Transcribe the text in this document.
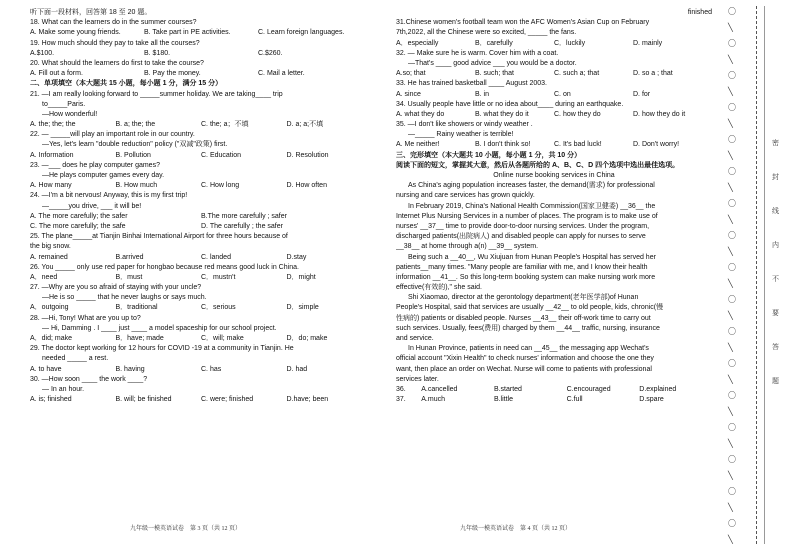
听下面一段材料，回答第 18 至 20 题。
18. What can the learners do in the summer courses?
A. Make some young friends.	B. Take part in PE activities.	C. Learn foreign languages.
19. How much should they pay to take all the courses?
A.$100.	B. $180.	C.$260.
20. What should the learners do first to take the course?
A. Fill out a form.	B. Pay the money.	C. Mail a letter.
二、单项填空（本大题共 15 小题，每小题 1 分，满分 15 分）
21. —I am really looking forward to _____summer holiday. We are taking____ trip
to_____Paris.
—How wonderful!
A. the; the; the	B. a; the; the	C. the; a；不填	D. a; a;不填
22. — _____will play an important role in our country.
—Yes, let's learn "double reduction" policy ("双减"政策) first.
A. Information	B. Pollution	C. Education	D. Resolution
23. —___ does he play computer games?
—He plays computer games every day.
A. How many	B. How much	C. How long	D. How often
24. —I'm a bit nervous! Anyway, this is my first trip!
—_____you drive, ___ it will be!
A. The more carefully; the safer	B.The more carefully ; safer
C. The more carefully; the safe	D. The carefully ; the safer
25. The plane_____at Tianjin Binhai International Airport for three hours because of
the big snow.
A. remained	B.arrived	C. landed	D.stay
26. You _____ only use red paper for hongbao because red means good luck in China.
A．need	B．must	C．mustn't	D．might
27. —Why are you so afraid of staying with your uncle?
—He is so _____ that he never laughs or says much.
A．outgoing	B．traditional	C．serious	D．simple
28. —Hi, Tony! What are you up to?
— Hi, Damming . I ____ just ____ a model spaceship for our school project.
A．did; make	B．have; made	C．will; make	D．do; make
29. The doctor kept working for 12 hours for COVID -19 at a community in Tianjin. He
needed _____ a rest.
A. to have	B. having	C. has	D. had
30. —How soon ____ the work ____?
— In an hour.
A. is; finished	B. will; be finished	C. were; finished	D.have; been
finished
31.Chinese women's football team won the AFC Women's Asian Cup on February
7th,2022, all the Chinese were so excited, _____ the fans.
A．especially	B．carefully	C．luckily	D. mainly
32. — Make sure he is warm. Cover him with a coat.
—That's ____ good advice ___ you would be a doctor.
A.so; that	B. such; that	C. such a; that	D. so a ; that
33. He has trained basketball ____ August 2003.
A. since	B. in	C. on	D. for
34. Usually people have little or no idea about____ during an earthquake.
A. what they do	B. what they do it	C. how they do	D. how they do it
35. —I don't like showers or windy weather .
—_____ Rainy weather is terrible!
A. Me neither!	B. I don't think so!	C. It's bad luck!	D. Don't worry!
三、完形填空（本大题共 10 小题，每小题 1 分，共 10 分）
阅读下面的短文，掌握其大意，然后从各题所给的 A、B、C、D 四个选项中选出最佳选项。
Online nurse booking services in China
As China's aging population increases faster, the demand(需求) for professional
nursing and care services has grown quickly.
In February 2019, China's National Health Commission(国家卫健委) __36__ the
Internet Plus Nursing Services in a number of places. The program is to make use of
nurses' __37__ time to provide door-to-door nursing services. Under the program,
discharged patients(出院病人) and disabled people can apply for nurses to serve
__38__ at home through a(n) __39__ system.
Being such a __40__, Wu Xiujuan from Hunan People's Hospital has served her
patients__many times. "Many people are familiar with me, and I know their health
information __41__. So this long-term booking system can make nursing work more
effective(有效的)," she said.
Shi Xiaomao, director at the gerontology department(老年医学部)of Hunan
People's Hospital, said that services are usually __42__ to old people, kids, chronic(慢
性病的) patients or disabled people. Nurses __43__ their off-work time to carry out
such services. Usually, fees(费用) charged by them __44__ traffic, nursing, insurance
and service.
In Hunan Province, patients in need can __45__ the messaging app Wechat's
official account "Xixin Health" to check nurses' information and choose the one they
want, then place an order on Wechat. Nurse will come to patients with professional
services later.
36.	A.cancelled	B.started	C.encouraged	D.explained
37.	A.much	B.little	C.full	D.spare
九年级一模英语试卷　第 3 页（共 12 页）	九年级一模英语试卷　第 4 页（共 12 页）
〇
╲
〇
╲
〇
╲
〇
╲
〇
╲
〇
╲
〇
╲
〇
╲
〇
╲
〇
╲
〇
╲
〇
╲
〇
╲
〇
╲
〇
╲
〇
╲
〇
╲
密
封
线
内
不
要
答
题
